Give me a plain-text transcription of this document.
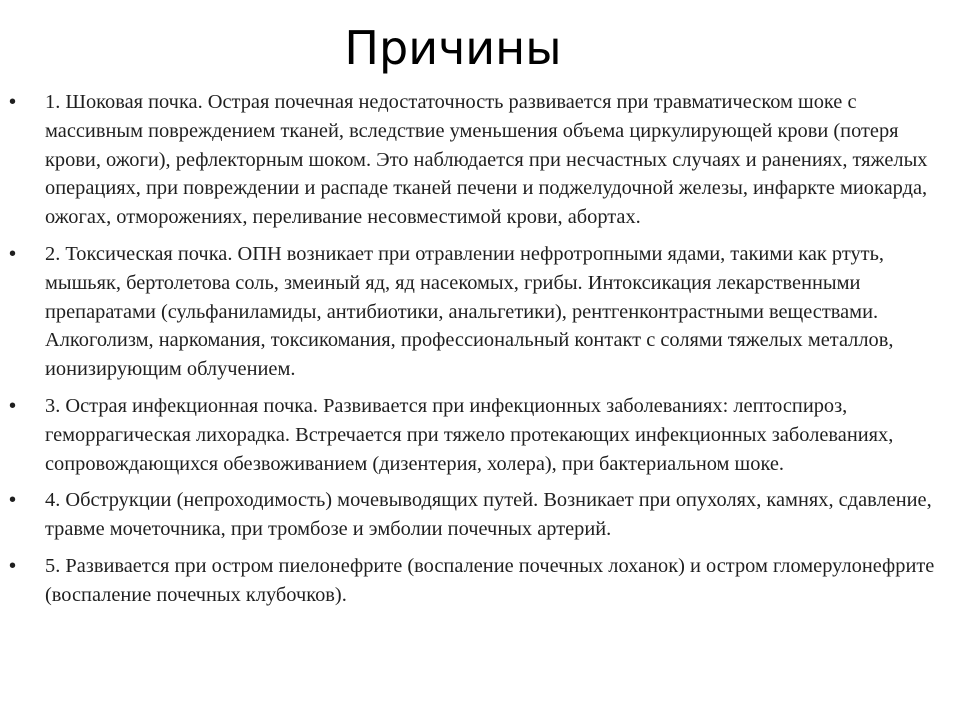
Причины
•	1. Шоковая почка. Острая почечная недостаточность развивается при травматическом шоке с массивным повреждением тканей, вследствие уменьшения объема циркулирующей крови (потеря крови, ожоги), рефлекторным шоком. Это наблюдается при несчастных случаях и ранениях, тяжелых операциях, при повреждении и распаде тканей печени и поджелудочной железы, инфаркте миокарда, ожогах, отморожениях, переливание несовместимой крови, абортах.
•	2. Токсическая почка. ОПН возникает при отравлении нефротропными ядами, такими как ртуть, мышьяк, бертолетова соль, змеиный яд, яд насекомых, грибы. Интоксикация лекарственными препаратами (сульфаниламиды, антибиотики, анальгетики), рентгенконтрастными веществами. Алкоголизм, наркомания, токсикомания, профессиональный контакт с солями тяжелых металлов, ионизирующим облучением.
•	3. Острая инфекционная почка. Развивается при инфекционных заболеваниях: лептоспироз, геморрагическая лихорадка. Встречается при тяжело протекающих инфекционных заболеваниях, сопровождающихся обезвоживанием (дизентерия, холера), при бактериальном шоке.
•	4. Обструкции (непроходимость) мочевыводящих путей. Возникает при опухолях, камнях, сдавление, травме мочеточника, при тромбозе и эмболии почечных артерий.
•	5. Развивается при остром пиелонефрите (воспаление почечных лоханок) и остром гломерулонефрите (воспаление почечных клубочков).
